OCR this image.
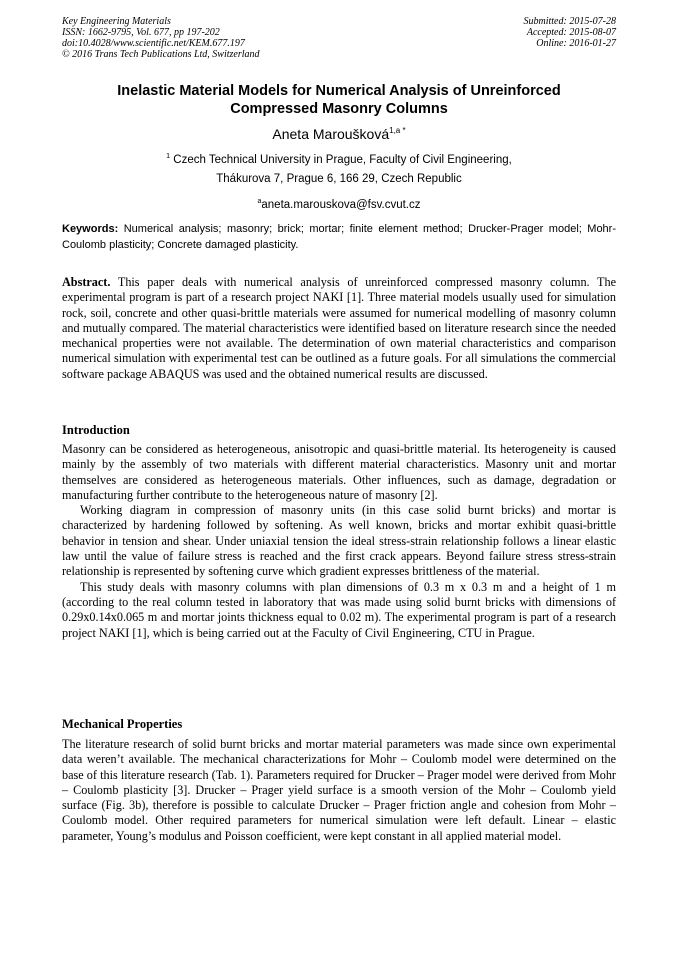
Key Engineering Materials
ISSN: 1662-9795, Vol. 677, pp 197-202
doi:10.4028/www.scientific.net/KEM.677.197
© 2016 Trans Tech Publications Ltd, Switzerland
Submitted: 2015-07-28
Accepted: 2015-08-07
Online: 2016-01-27
Inelastic Material Models for Numerical Analysis of Unreinforced
Compressed Masonry Columns
Aneta Maroušková$^{1,a *}$
$^1$ Czech Technical University in Prague, Faculty of Civil Engineering,
Thákurova 7, Prague 6, 166 29, Czech Republic
$^a$aneta.marouskova@fsv.cvut.cz
Keywords: Numerical analysis; masonry; brick; mortar; finite element method; Drucker-Prager model; Mohr-Coulomb plasticity; Concrete damaged plasticity.

Abstract. This paper deals with numerical analysis of unreinforced compressed masonry column. The experimental program is part of a research project NAKI [1]. Three material models usually used for simulation rock, soil, concrete and other quasi-brittle materials were assumed for numerical modelling of masonry column and mutually compared. The material characteristics were identified based on literature research since the needed mechanical properties were not available. The determination of own material characteristics and comparison numerical simulation with experimental test can be outlined as a future goals. For all simulations the commercial software package ABAQUS was used and the obtained numerical results are discussed.

Introduction

Masonry can be considered as heterogeneous, anisotropic and quasi-brittle material. Its heterogeneity is caused mainly by the assembly of two materials with different material characteristics. Masonry unit and mortar themselves are considered as heterogeneous materials. Other influences, such as damage, degradation or manufacturing further contribute to the heterogeneous nature of masonry [2].

Working diagram in compression of masonry units (in this case solid burnt bricks) and mortar is characterized by hardening followed by softening. As well known, bricks and mortar exhibit quasi-brittle behavior in tension and shear. Under uniaxial tension the ideal stress-strain relationship follows a linear elastic law until the value of failure stress is reached and the first crack appears. Beyond failure stress stress-strain relationship is represented by softening curve which gradient expresses brittleness of the material.

This study deals with masonry columns with plan dimensions of 0.3 m x 0.3 m and a height of 1 m (according to the real column tested in laboratory that was made using solid burnt bricks with dimensions of 0.29x0.14x0.065 m and mortar joints thickness equal to 0.02 m). The experimental program is part of a research project NAKI [1], which is being carried out at the Faculty of Civil Engineering, CTU in Prague.

Mechanical Properties

The literature research of solid burnt bricks and mortar material parameters was made since own experimental data weren’t available. The mechanical characterizations for Mohr – Coulomb model were determined on the base of this literature research (Tab. 1). Parameters required for Drucker – Prager model were derived from Mohr – Coulomb plasticity [3]. Drucker – Prager yield surface is a smooth version of the Mohr – Coulomb yield surface (Fig. 3b), therefore is possible to calculate Drucker – Prager friction angle and cohesion from Mohr – Coulomb model. Other required parameters for numerical simulation were left default. Linear – elastic parameter, Young’s modulus and Poisson coefficient, were kept constant in all applied material model.
